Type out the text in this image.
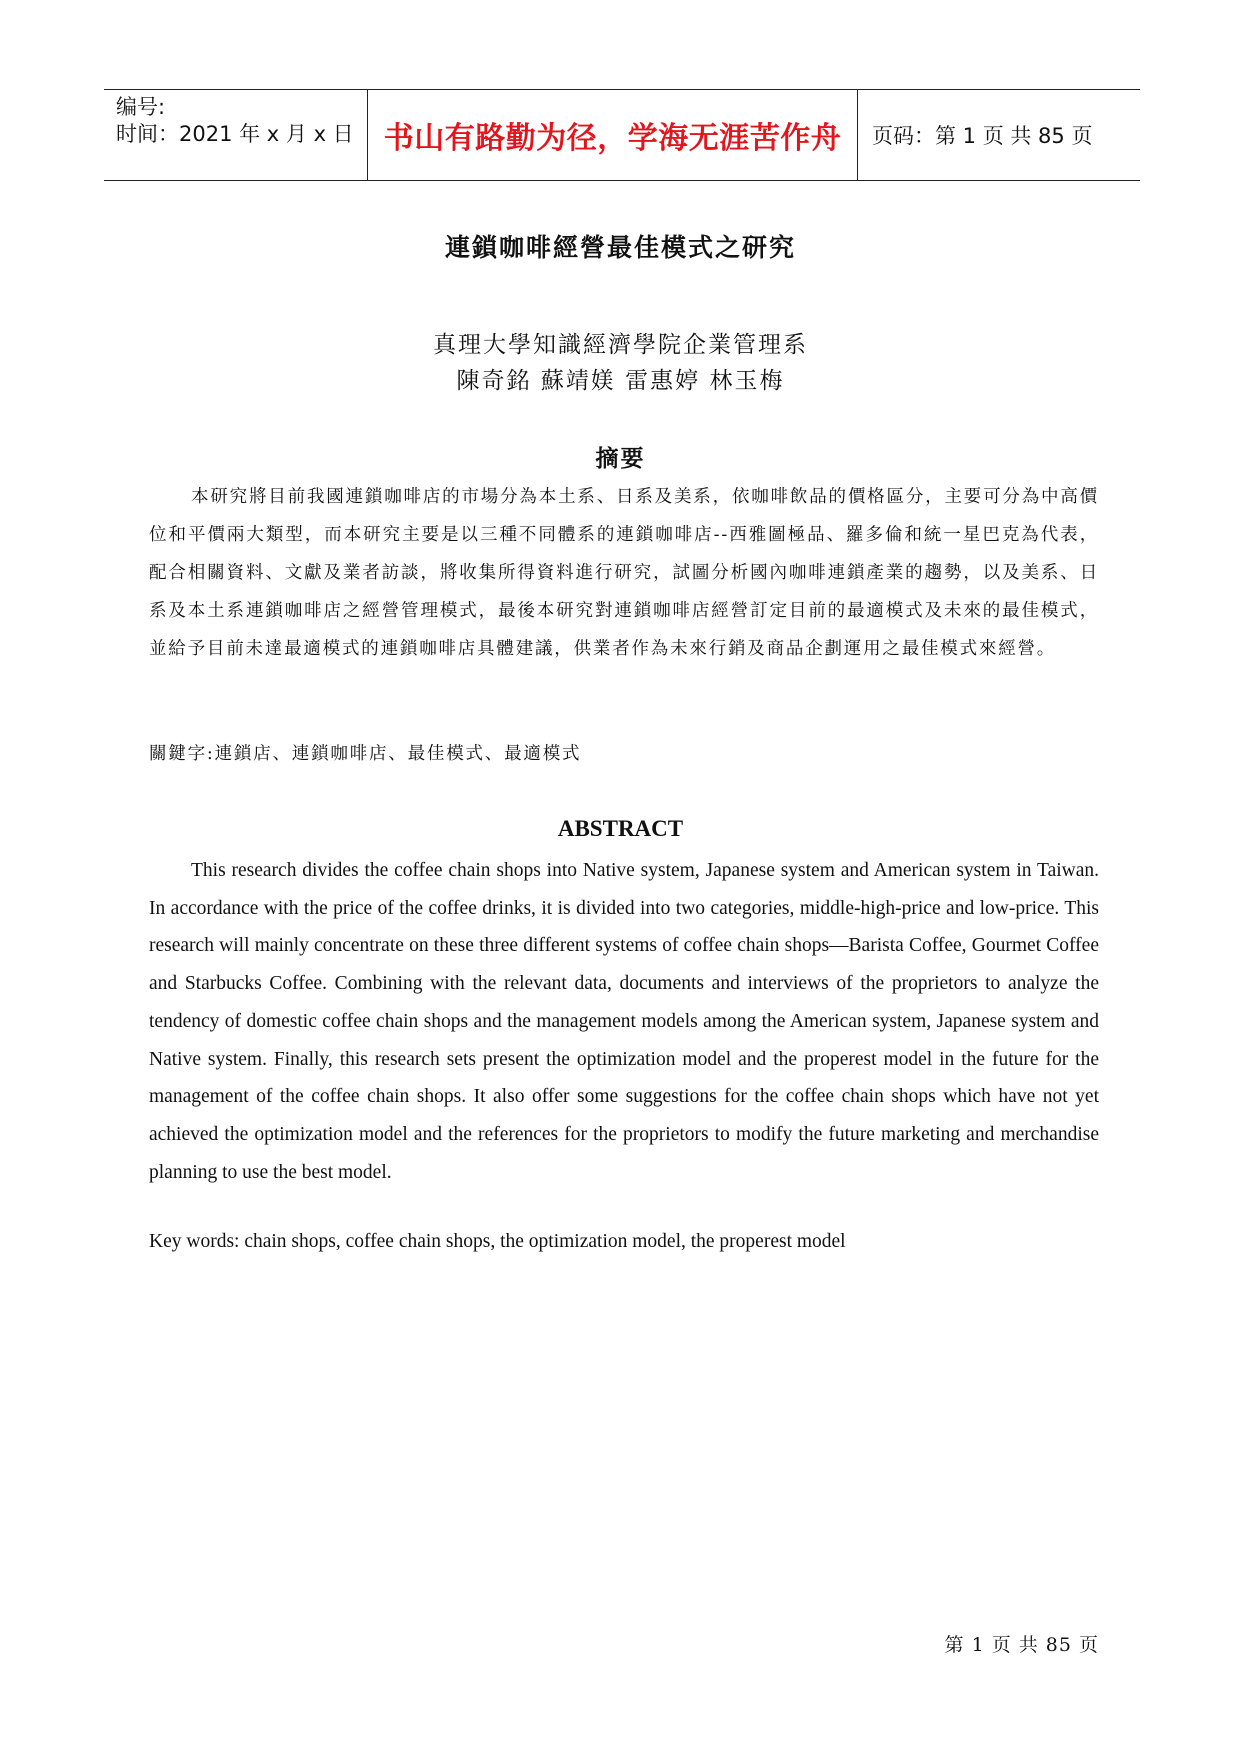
编号:
时间：2021 年 x 月 x 日	书山有路勤为径，学海无涯苦作舟	页码：第 1 页 共 85 页
連鎖咖啡經營最佳模式之研究
真理大學知識經濟學院企業管理系
陳奇銘 蘇靖媄 雷惠婷 林玉梅
摘要
本研究將目前我國連鎖咖啡店的市場分為本土系、日系及美系，依咖啡飲品的價格區分，主要可分為中高價位和平價兩大類型，而本研究主要是以三種不同體系的連鎖咖啡店--西雅圖極品、羅多倫和統一星巴克為代表，配合相關資料、文獻及業者訪談，將收集所得資料進行研究，試圖分析國內咖啡連鎖產業的趨勢，以及美系、日系及本土系連鎖咖啡店之經營管理模式，最後本研究對連鎖咖啡店經營訂定目前的最適模式及未來的最佳模式，並給予目前未達最適模式的連鎖咖啡店具體建議，供業者作為未來行銷及商品企劃運用之最佳模式來經營。
關鍵字:連鎖店、連鎖咖啡店、最佳模式、最適模式
ABSTRACT
This research divides the coffee chain shops into Native system, Japanese system and American system in Taiwan. In accordance with the price of the coffee drinks, it is divided into two categories, middle-high-price and low-price. This research will mainly concentrate on these three different systems of coffee chain shops—Barista Coffee, Gourmet Coffee and Starbucks Coffee. Combining with the relevant data, documents and interviews of the proprietors to analyze the tendency of domestic coffee chain shops and the management models among the American system, Japanese system and Native system. Finally, this research sets present the optimization model and the properest model in the future for the management of the coffee chain shops. It also offer some suggestions for the coffee chain shops which have not yet achieved the optimization model and the references for the proprietors to modify the future marketing and merchandise planning to use the best model.
Key words: chain shops, coffee chain shops, the optimization model, the properest model
第 1 页 共 85 页
